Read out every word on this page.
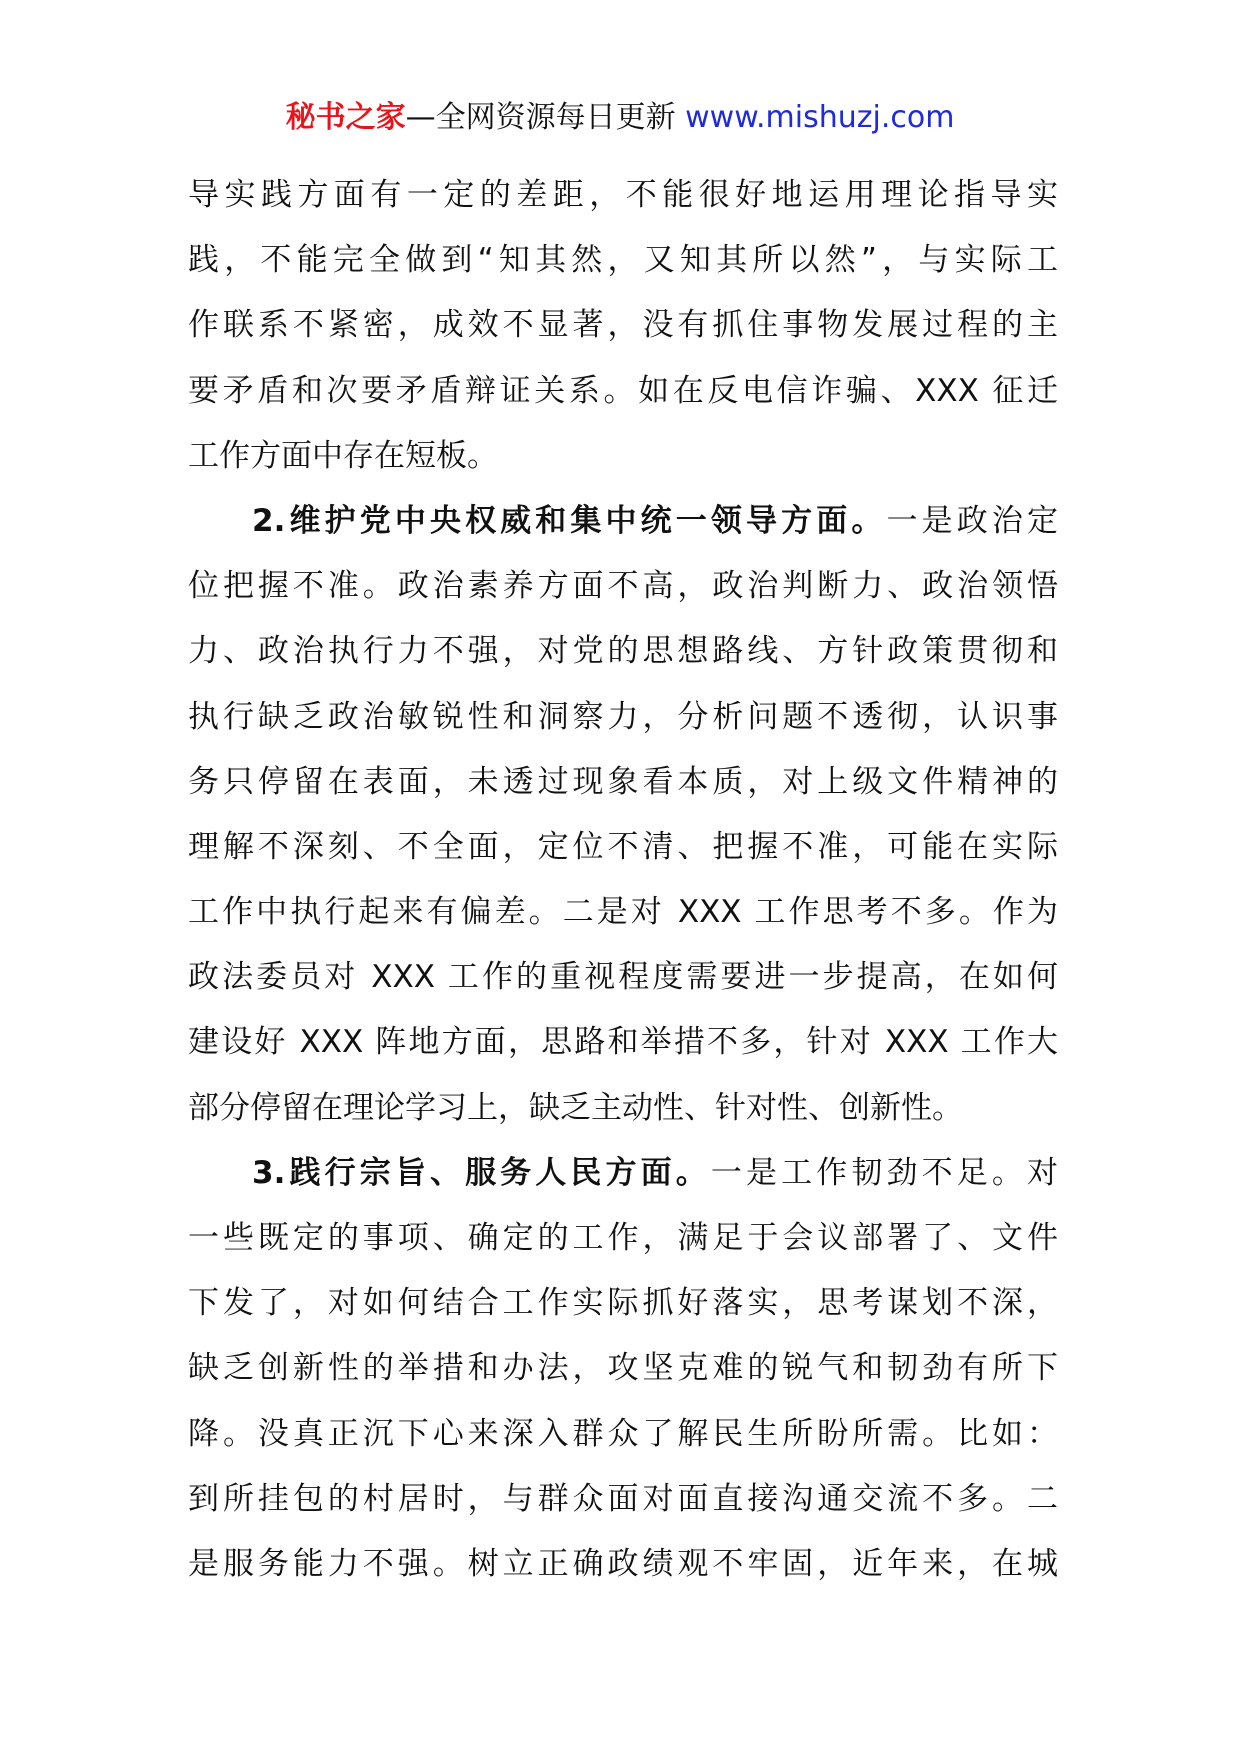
秘书之家—全网资源每日更新 www.mishuzj.com
导实践方面有一定的差距，不能很好地运用理论指导实
践，不能完全做到“知其然，又知其所以然”，与实际工
作联系不紧密，成效不显著，没有抓住事物发展过程的主
要矛盾和次要矛盾辩证关系。如在反电信诈骗、XXX 征迁
工作方面中存在短板。
2.维护党中央权威和集中统一领导方面。一是政治定
位把握不准。政治素养方面不高，政治判断力、政治领悟
力、政治执行力不强，对党的思想路线、方针政策贯彻和
执行缺乏政治敏锐性和洞察力，分析问题不透彻，认识事
务只停留在表面，未透过现象看本质，对上级文件精神的
理解不深刻、不全面，定位不清、把握不准，可能在实际
工作中执行起来有偏差。二是对 XXX 工作思考不多。作为
政法委员对 XXX 工作的重视程度需要进一步提高，在如何
建设好 XXX 阵地方面，思路和举措不多，针对 XXX 工作大
部分停留在理论学习上，缺乏主动性、针对性、创新性。
3.践行宗旨、服务人民方面。一是工作韧劲不足。对
一些既定的事项、确定的工作，满足于会议部署了、文件
下发了，对如何结合工作实际抓好落实，思考谋划不深，
缺乏创新性的举措和办法，攻坚克难的锐气和韧劲有所下
降。没真正沉下心来深入群众了解民生所盼所需。比如：
到所挂包的村居时，与群众面对面直接沟通交流不多。二
是服务能力不强。树立正确政绩观不牢固，近年来，在城
